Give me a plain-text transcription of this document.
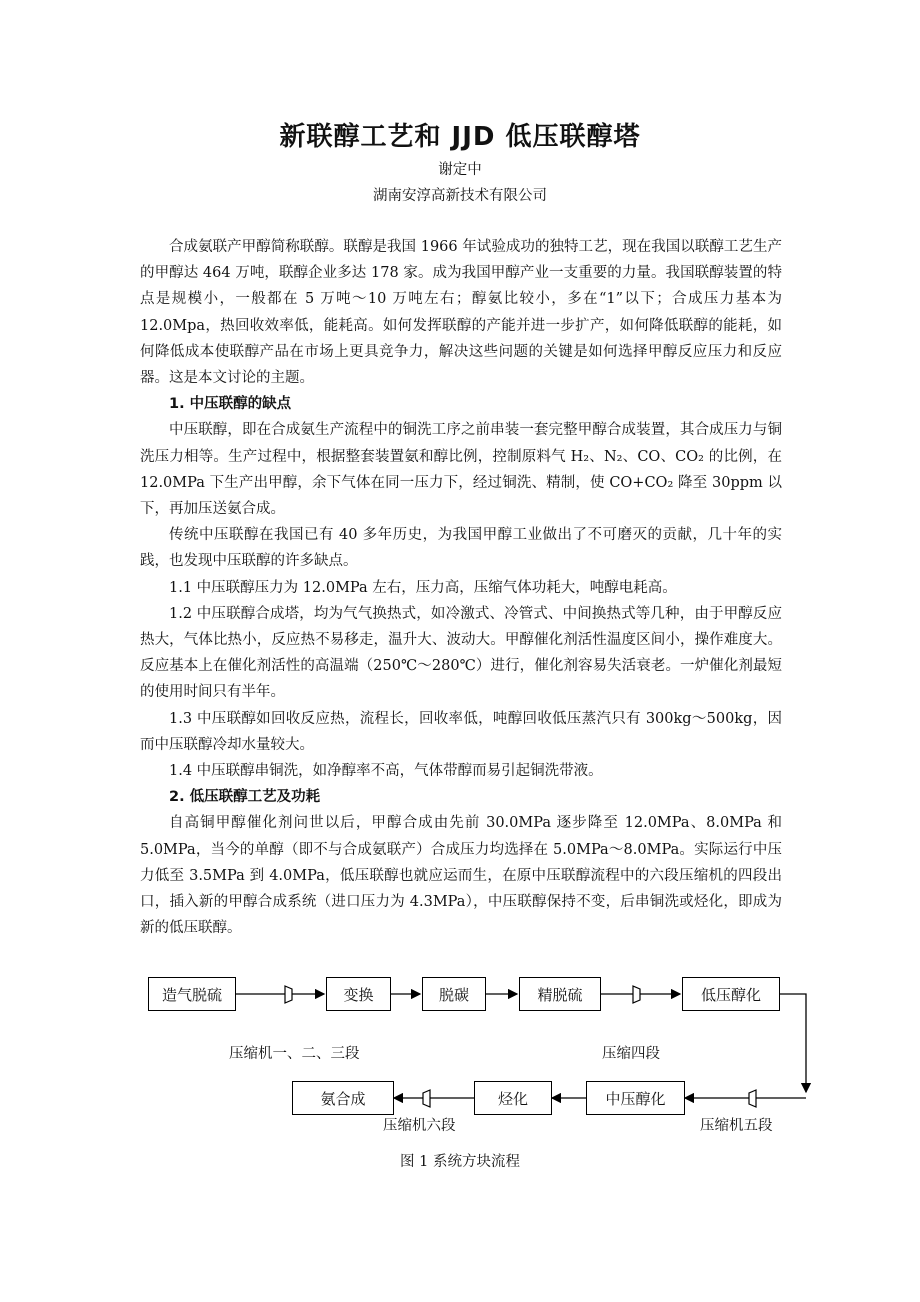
新联醇工艺和 JJD 低压联醇塔
谢定中
湖南安淳高新技术有限公司

合成氨联产甲醇简称联醇。联醇是我国 1966 年试验成功的独特工艺，现在我国以联醇工艺生产的甲醇达 464 万吨，联醇企业多达 178 家。成为我国甲醇产业一支重要的力量。我国联醇装置的特点是规模小，一般都在 5 万吨～10 万吨左右；醇氨比较小，多在“1”以下；合成压力基本为 12.0Mpa，热回收效率低，能耗高。如何发挥联醇的产能并进一步扩产，如何降低联醇的能耗，如何降低成本使联醇产品在市场上更具竞争力，解决这些问题的关键是如何选择甲醇反应压力和反应器。这是本文讨论的主题。

1. 中压联醇的缺点

中压联醇，即在合成氨生产流程中的铜洗工序之前串装一套完整甲醇合成装置，其合成压力与铜洗压力相等。生产过程中，根据整套装置氨和醇比例，控制原料气 H₂、N₂、CO、CO₂ 的比例，在 12.0MPa 下生产出甲醇，余下气体在同一压力下，经过铜洗、精制，使 CO+CO₂ 降至 30ppm 以下，再加压送氨合成。

传统中压联醇在我国已有 40 多年历史，为我国甲醇工业做出了不可磨灭的贡献，几十年的实践，也发现中压联醇的许多缺点。

1.1 中压联醇压力为 12.0MPa 左右，压力高，压缩气体功耗大，吨醇电耗高。

1.2 中压联醇合成塔，均为气气换热式，如冷激式、冷管式、中间换热式等几种，由于甲醇反应热大，气体比热小，反应热不易移走，温升大、波动大。甲醇催化剂活性温度区间小，操作难度大。反应基本上在催化剂活性的高温端（250℃～280℃）进行，催化剂容易失活衰老。一炉催化剂最短的使用时间只有半年。

1.3 中压联醇如回收反应热，流程长，回收率低，吨醇回收低压蒸汽只有 300kg～500kg，因而中压联醇冷却水量较大。

1.4 中压联醇串铜洗，如净醇率不高，气体带醇而易引起铜洗带液。

2. 低压联醇工艺及功耗

自高铜甲醇催化剂问世以后，甲醇合成由先前 30.0MPa 逐步降至 12.0MPa、8.0MPa 和 5.0MPa，当今的单醇（即不与合成氨联产）合成压力均选择在 5.0MPa～8.0MPa。实际运行中压力低至 3.5MPa 到 4.0MPa，低压联醇也就应运而生，在原中压联醇流程中的六段压缩机的四段出口，插入新的甲醇合成系统（进口压力为 4.3MPa），中压联醇保持不变，后串铜洗或烃化，即成为新的低压联醇。

造气脱硫	变换	脱碳	精脱硫	低压醇化
氨合成	烃化	中压醇化
压缩机一、二、三段	压缩四段
压缩机五段
压缩机六段
图 1 系统方块流程
